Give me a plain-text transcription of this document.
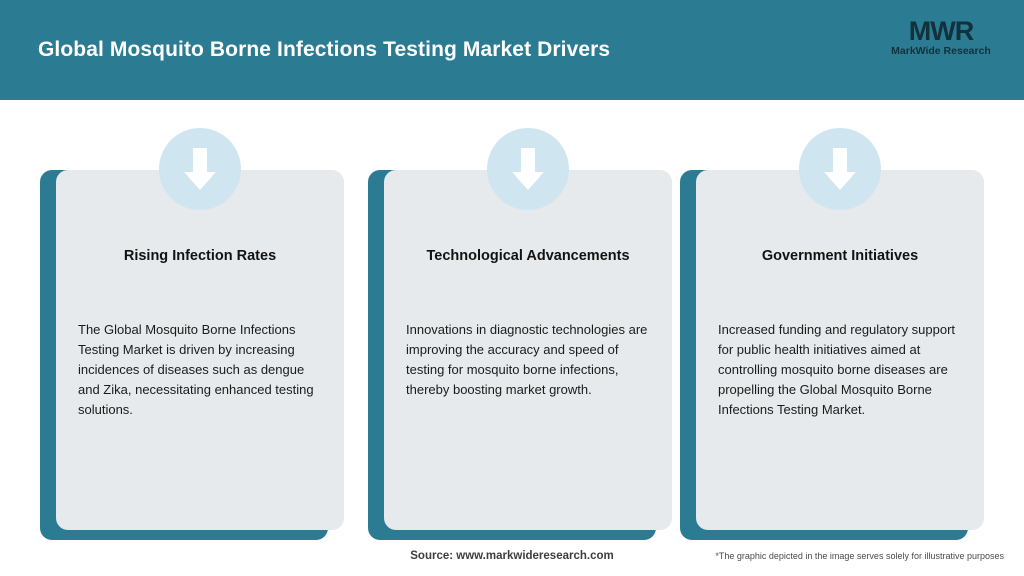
Global Mosquito Borne Infections Testing Market Drivers
MWR
MarkWide Research
Inspiring Growth
Rising Infection Rates
The Global Mosquito Borne Infections Testing Market is driven by increasing incidences of diseases such as dengue and Zika, necessitating enhanced testing solutions.
Technological Advancements
Innovations in diagnostic technologies are improving the accuracy and speed of testing for mosquito borne infections, thereby boosting market growth.
Government Initiatives
Increased funding and regulatory support for public health initiatives aimed at controlling mosquito borne diseases are propelling the Global Mosquito Borne Infections Testing Market.
Source: www.markwideresearch.com	*The graphic depicted in the image serves solely for illustrative purposes
